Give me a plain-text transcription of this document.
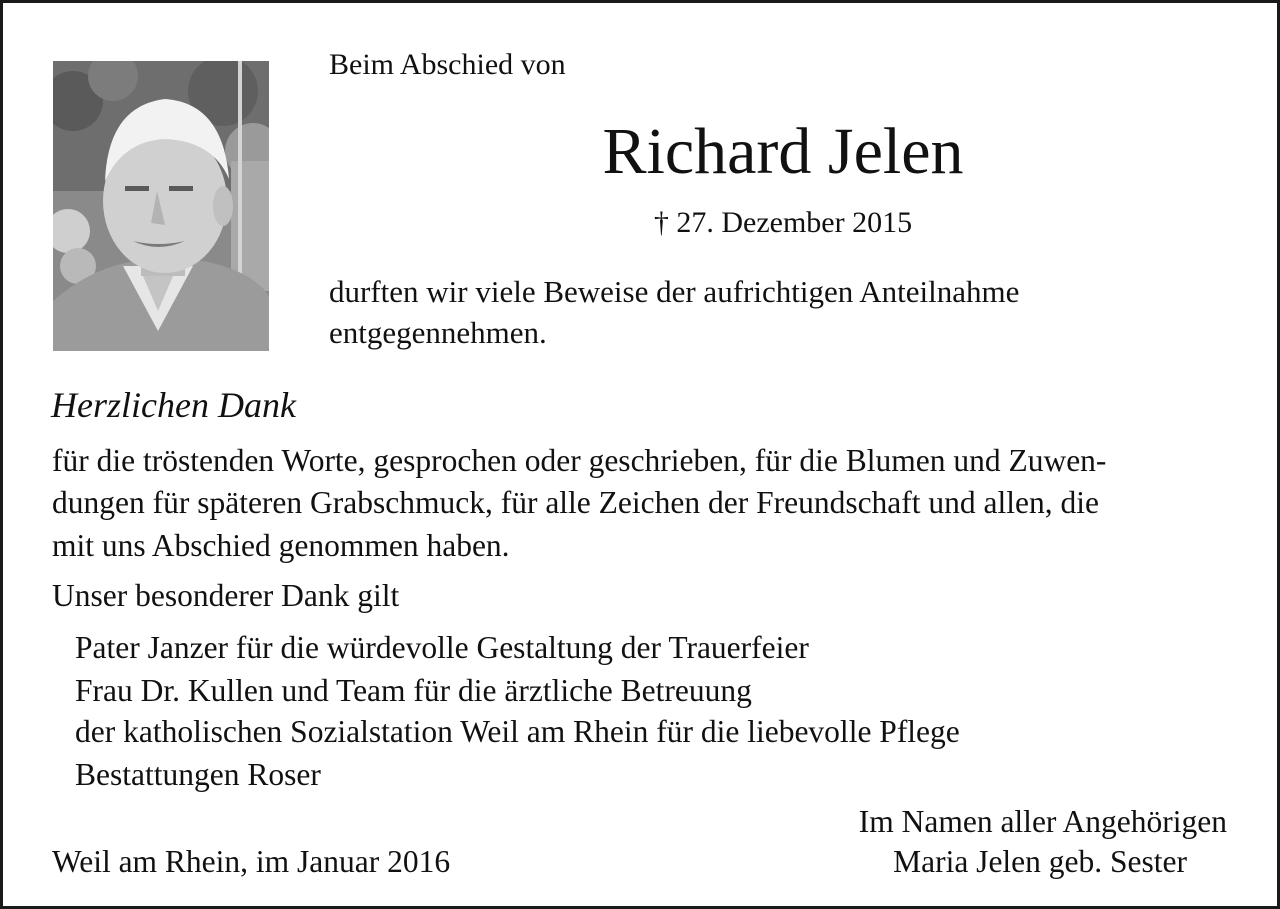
Beim Abschied von
Richard Jelen
† 27. Dezember 2015
durften wir viele Beweise der aufrichtigen Anteilnahme
entgegennehmen.
Herzlichen Dank
für die tröstenden Worte, gesprochen oder geschrieben, für die Blumen und Zuwen-
dungen für späteren Grabschmuck, für alle Zeichen der Freundschaft und allen, die
mit uns Abschied genommen haben.
Unser besonderer Dank gilt
Pater Janzer für die würdevolle Gestaltung der Trauerfeier
Frau Dr. Kullen und Team für die ärztliche Betreuung
der katholischen Sozialstation Weil am Rhein für die liebevolle Pflege
Bestattungen Roser
Im Namen aller Angehörigen
Weil am Rhein, im Januar 2016	Maria Jelen geb. Sester
